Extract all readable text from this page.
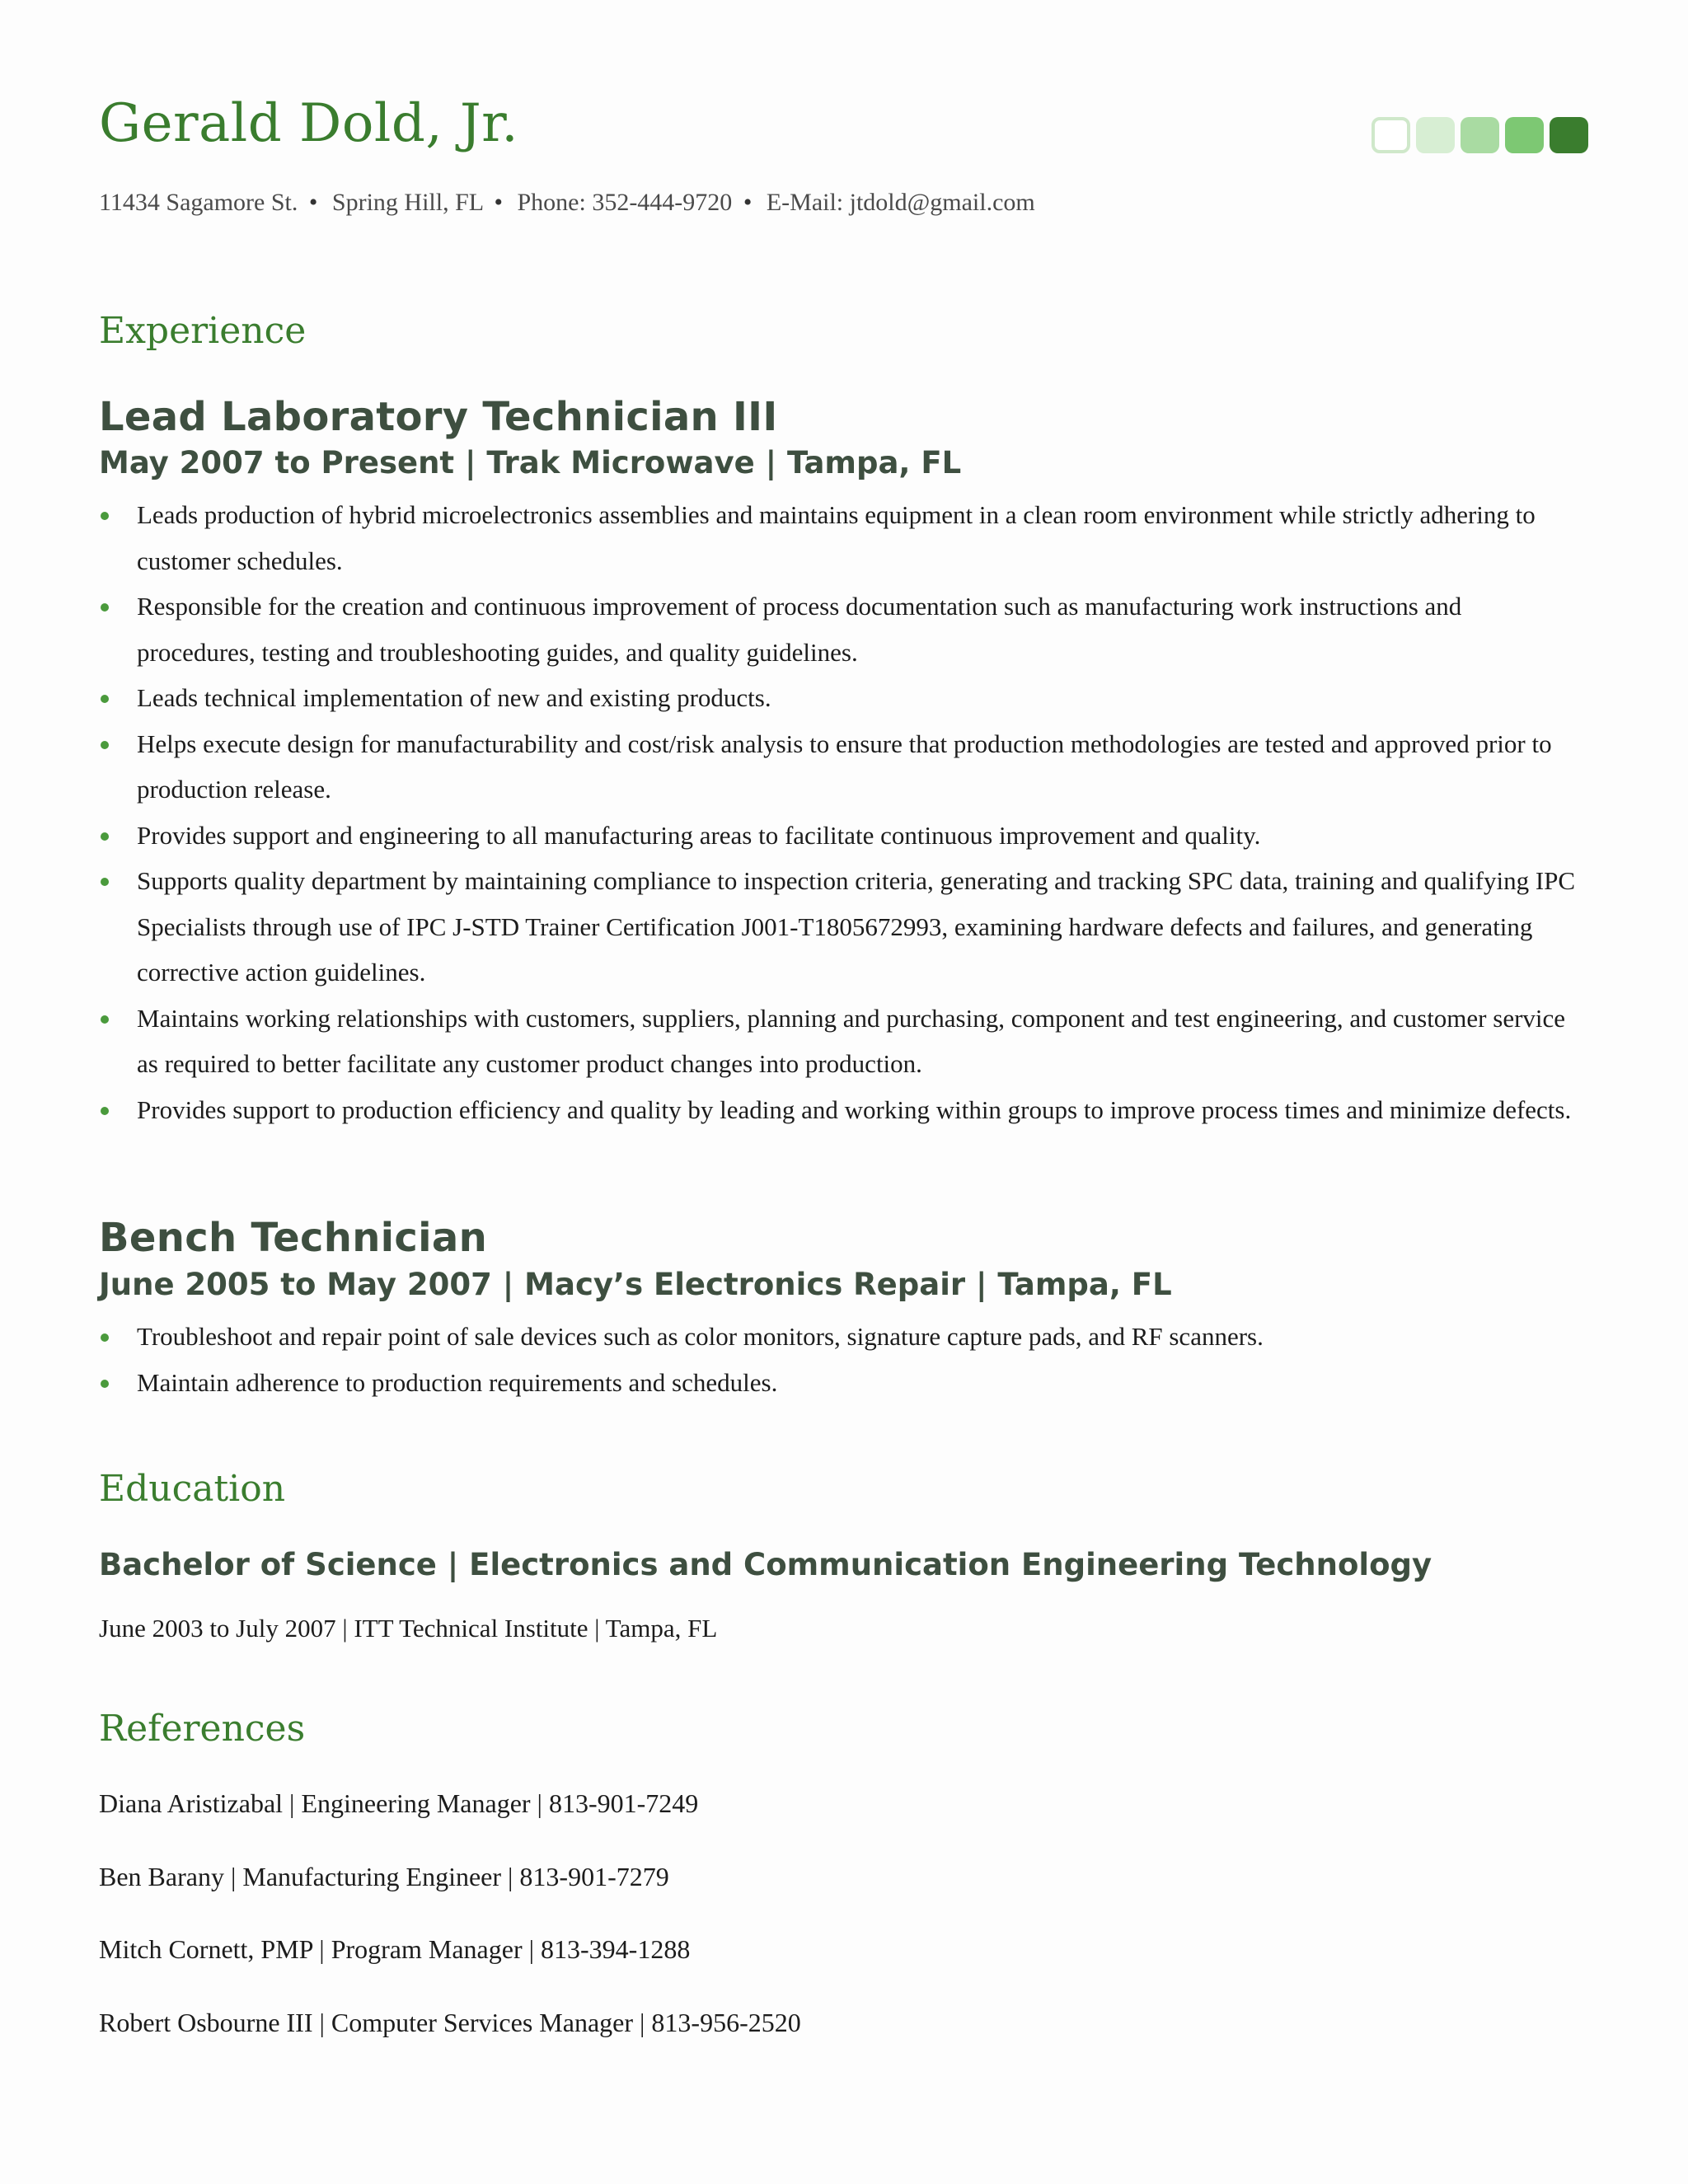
Gerald Dold, Jr.
11434 Sagamore St. • Spring Hill, FL • Phone: 352-444-9720 • E-Mail: jtdold@gmail.com
Experience
Lead Laboratory Technician III
May 2007 to Present | Trak Microwave | Tampa, FL
Leads production of hybrid microelectronics assemblies and maintains equipment in a clean room environment while strictly adhering to customer schedules.
Responsible for the creation and continuous improvement of process documentation such as manufacturing work instructions and procedures, testing and troubleshooting guides, and quality guidelines.
Leads technical implementation of new and existing products.
Helps execute design for manufacturability and cost/risk analysis to ensure that production methodologies are tested and approved prior to production release.
Provides support and engineering to all manufacturing areas to facilitate continuous improvement and quality.
Supports quality department by maintaining compliance to inspection criteria, generating and tracking SPC data, training and qualifying IPC Specialists through use of IPC J-STD Trainer Certification J001-T1805672993, examining hardware defects and failures, and generating corrective action guidelines.
Maintains working relationships with customers, suppliers, planning and purchasing, component and test engineering, and customer service as required to better facilitate any customer product changes into production.
Provides support to production efficiency and quality by leading and working within groups to improve process times and minimize defects.
Bench Technician
June 2005 to May 2007 | Macy’s Electronics Repair | Tampa, FL
Troubleshoot and repair point of sale devices such as color monitors, signature capture pads, and RF scanners.
Maintain adherence to production requirements and schedules.
Education
Bachelor of Science | Electronics and Communication Engineering Technology
June 2003 to July 2007 | ITT Technical Institute | Tampa, FL
References
Diana Aristizabal | Engineering Manager | 813-901-7249
Ben Barany | Manufacturing Engineer | 813-901-7279
Mitch Cornett, PMP | Program Manager | 813-394-1288
Robert Osbourne III | Computer Services Manager | 813-956-2520
